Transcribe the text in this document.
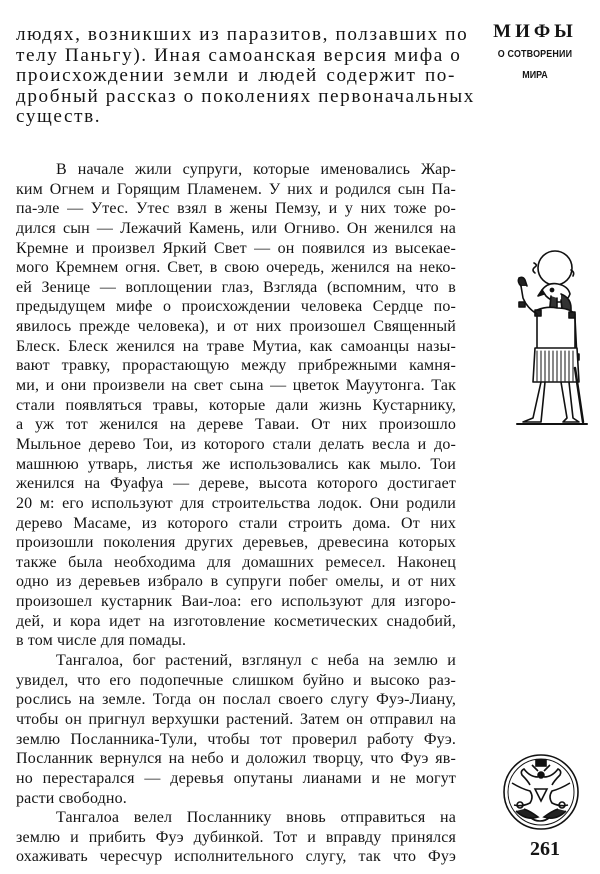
людях, возникших из паразитов, ползавших по
телу Паньгу). Иная самоанская версия мифа о
происхождении земли и людей содержит по-
дробный рассказ о поколениях первоначальных
существ.
В начале жили супруги, которые именовались Жар-
ким Огнем и Горящим Пламенем. У них и родился сын Па-
па-эле — Утес. Утес взял в жены Пемзу, и у них тоже ро-
дился сын — Лежачий Камень, или Огниво. Он женился на
Кремне и произвел Яркий Свет — он появился из высекае-
мого Кремнем огня. Свет, в свою очередь, женился на неко-
ей Зенице — воплощении глаз, Взгляда (вспомним, что в
предыдущем мифе о происхождении человека Сердце по-
явилось прежде человека), и от них произошел Священный
Блеск. Блеск женился на траве Мутиа, как самоанцы назы-
вают травку, прорастающую между прибрежными камня-
ми, и они произвели на свет сына — цветок Мауутонга. Так
стали появляться травы, которые дали жизнь Кустарнику,
а уж тот женился на дереве Таваи. От них произошло
Мыльное дерево Тои, из которого стали делать весла и до-
машнюю утварь, листья же использовались как мыло. Тои
женился на Фуафуа — дереве, высота которого достигает
20 м: его используют для строительства лодок. Они родили
дерево Масаме, из которого стали строить дома. От них
произошли поколения других деревьев, древесина которых
также была необходима для домашних ремесел. Наконец
одно из деревьев избрало в супруги побег омелы, и от них
произошел кустарник Ваи-лоа: его используют для изгоро-
дей, и кора идет на изготовление косметических снадобий,
в том числе для помады.
Тангалоа, бог растений, взглянул с неба на землю и
увидел, что его подопечные слишком буйно и высоко раз-
рослись на земле. Тогда он послал своего слугу Фуэ-Лиану,
чтобы он пригнул верхушки растений. Затем он отправил на
землю Посланника-Тули, чтобы тот проверил работу Фуэ.
Посланник вернулся на небо и доложил творцу, что Фуэ яв-
но перестарался — деревья опутаны лианами и не могут
расти свободно.
Тангалоа велел Посланнику вновь отправиться на
землю и прибить Фуэ дубинкой. Тот и вправду принялся
охаживать чересчур исполнительного слугу, так что Фуэ
МИФЫ
О СОТВОРЕНИИ
МИРА
261
